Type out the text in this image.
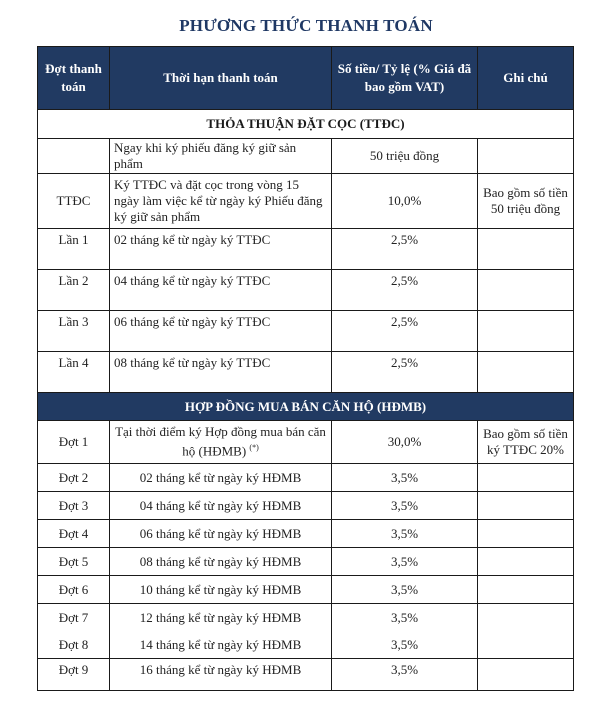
PHƯƠNG THỨC THANH TOÁN
Đợt thanh toán	Thời hạn thanh toán	Số tiền/ Tỷ lệ (% Giá đã bao gồm VAT)	Ghi chú
THỎA THUẬN ĐẶT CỌC (TTĐC)			
	Ngay khi ký phiếu đăng ký giữ sản phẩm	50 triệu đồng	
TTĐC	Ký TTĐC và đặt cọc trong vòng 15 ngày làm việc kể từ ngày ký Phiếu đăng ký giữ sản phẩm	10,0%	Bao gồm số tiền 50 triệu đồng
Lần 1	02 tháng kể từ ngày ký TTĐC	2,5%	
Lần 2	04 tháng kể từ ngày ký TTĐC	2,5%	
Lần 3	06 tháng kể từ ngày ký TTĐC	2,5%	
Lần 4	08 tháng kể từ ngày ký TTĐC	2,5%	
HỢP ĐỒNG MUA BÁN CĂN HỘ (HĐMB)			
Đợt 1	Tại thời điểm ký Hợp đồng mua bán căn hộ (HĐMB) (*)	30,0%	Bao gồm số tiền ký TTĐC 20%
Đợt 2	02 tháng kể từ ngày ký HĐMB	3,5%	
Đợt 3	04 tháng kể từ ngày ký HĐMB	3,5%	
Đợt 4	06 tháng kể từ ngày ký HĐMB	3,5%	
Đợt 5	08 tháng kể từ ngày ký HĐMB	3,5%	
Đợt 6	10 tháng kể từ ngày ký HĐMB	3,5%	
Đợt 7	12 tháng kể từ ngày ký HĐMB	3,5%	
Đợt 8	14 tháng kể từ ngày ký HĐMB	3,5%	
Đợt 9	16 tháng kể từ ngày ký HĐMB	3,5%	
